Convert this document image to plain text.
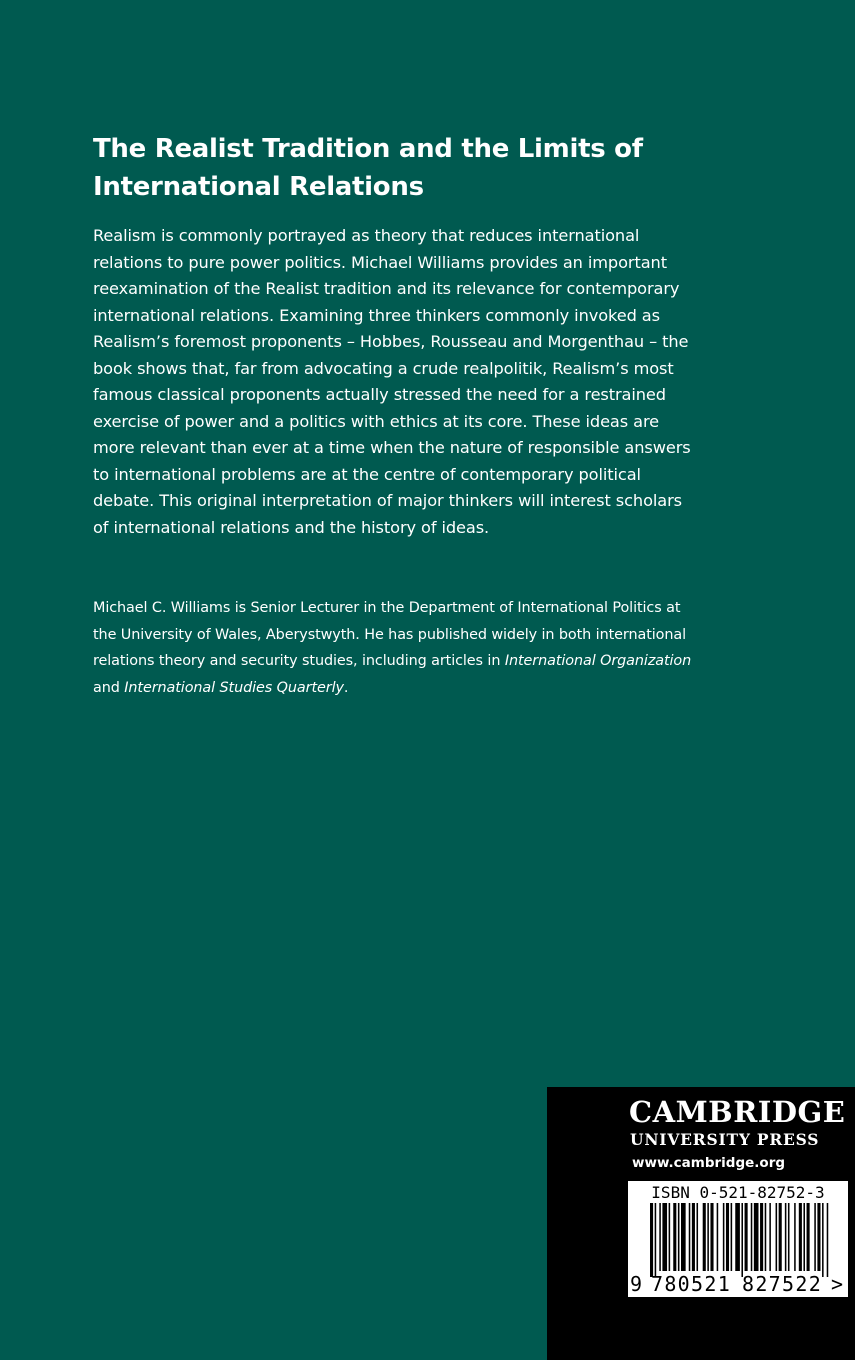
The Realist Tradition and the Limits of
International Relations

Realism is commonly portrayed as theory that reduces international relations to pure power politics. Michael Williams provides an important reexamination of the Realist tradition and its relevance for contemporary international relations. Examining three thinkers commonly invoked as Realism’s foremost proponents – Hobbes, Rousseau and Morgenthau – the book shows that, far from advocating a crude realpolitik, Realism’s most famous classical proponents actually stressed the need for a restrained exercise of power and a politics with ethics at its core. These ideas are more relevant than ever at a time when the nature of responsible answers to international problems are at the centre of contemporary political debate. This original interpretation of major thinkers will interest scholars of international relations and the history of ideas.

Michael C. Williams is Senior Lecturer in the Department of International Politics at the University of Wales, Aberystwyth. He has published widely in both international relations theory and security studies, including articles in International Organization and International Studies Quarterly.

CAMBRIDGE
UNIVERSITY PRESS
www.cambridge.org
ISBN 0-521-82752-3
9 780521 827522 >
